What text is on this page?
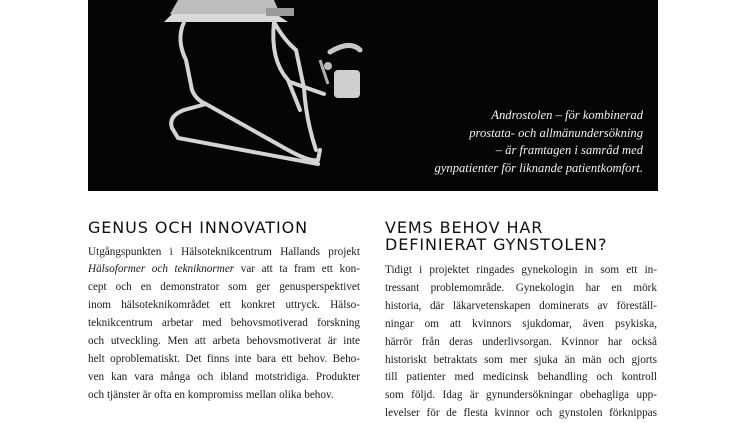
Androstolen – för kombinerad
prostata- och allmänundersökning
– är framtagen i samråd med
gynpatienter för liknande patientkomfort.
GENUS OCH INNOVATION
Utgångspunkten i Hälsoteknikcentrum Hallands projekt
Hälsoformer och tekniknormer var att ta fram ett kon-
cept och en demonstrator som ger genusperspektivet
inom hälsoteknikområdet ett konkret uttryck. Hälso-
teknikcentrum arbetar med behovsmotiverad forskning
och utveckling. Men att arbeta behovsmotiverat är inte
helt oproblematiskt. Det finns inte bara ett behov. Beho-
ven kan vara många och ibland motstridiga. Produkter
och tjänster är ofta en kompromiss mellan olika behov.
VEMS BEHOV HAR
DEFINIERAT GYNSTOLEN?
Tidigt i projektet ringades gynekologin in som ett in-
tressant problemområde. Gynekologin har en mörk
historia, där läkarvetenskapen dominerats av föreställ-
ningar om att kvinnors sjukdomar, även psykiska,
härrör från deras underlivsorgan. Kvinnor har också
historiskt betraktats som mer sjuka än män och gjorts
till patienter med medicinsk behandling och kontroll
som följd. Idag är gynundersökningar obehagliga upp-
levelser för de flesta kvinnor och gynstolen förknippas
